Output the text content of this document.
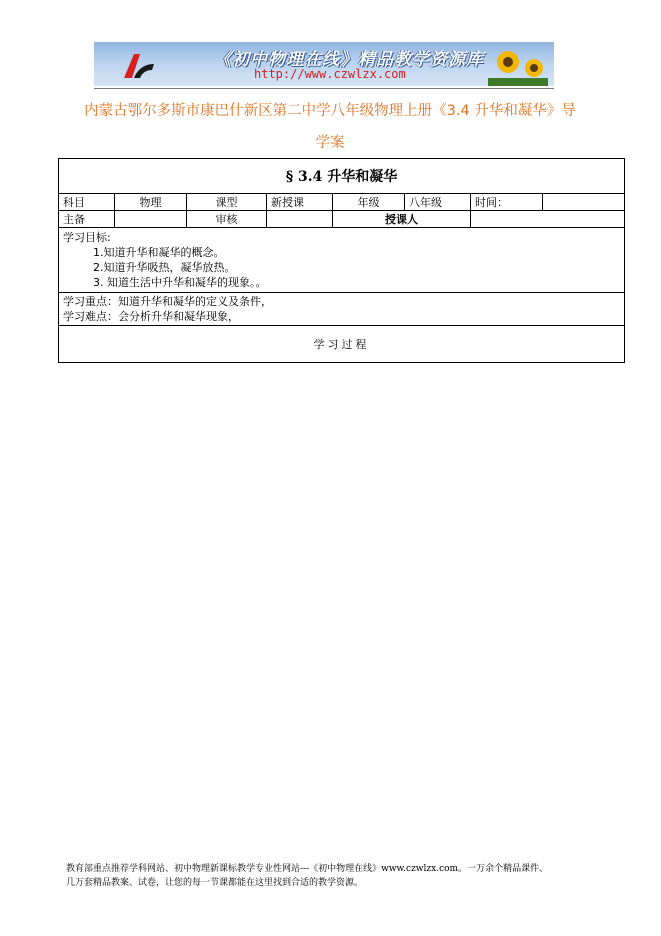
《初中物理在线》精品教学资源库
http://www.czwlzx.com
内蒙古鄂尔多斯市康巴什新区第二中学八年级物理上册《3.4 升华和凝华》导
学案
§ 3.4 升华和凝华							
科目	物理	课型	新授课	年级	八年级	时间：	
主备		审核		授课人			
学习目标:
1.知道升华和凝华的概念。
2.知道升华吸热，凝华放热。
3. 知道生活中升华和凝华的现象。。							

学习重点：知道升华和凝华的定义及条件，
学习难点：会分析升华和凝华现象，							

学习过程							
教育部重点推荐学科网站、初中物理新课标教学专业性网站---《初中物理在线》www.czwlzx.com。一万余个精品课件、
几万套精品教案、试卷，让您的每一节课都能在这里找到合适的教学资源。
